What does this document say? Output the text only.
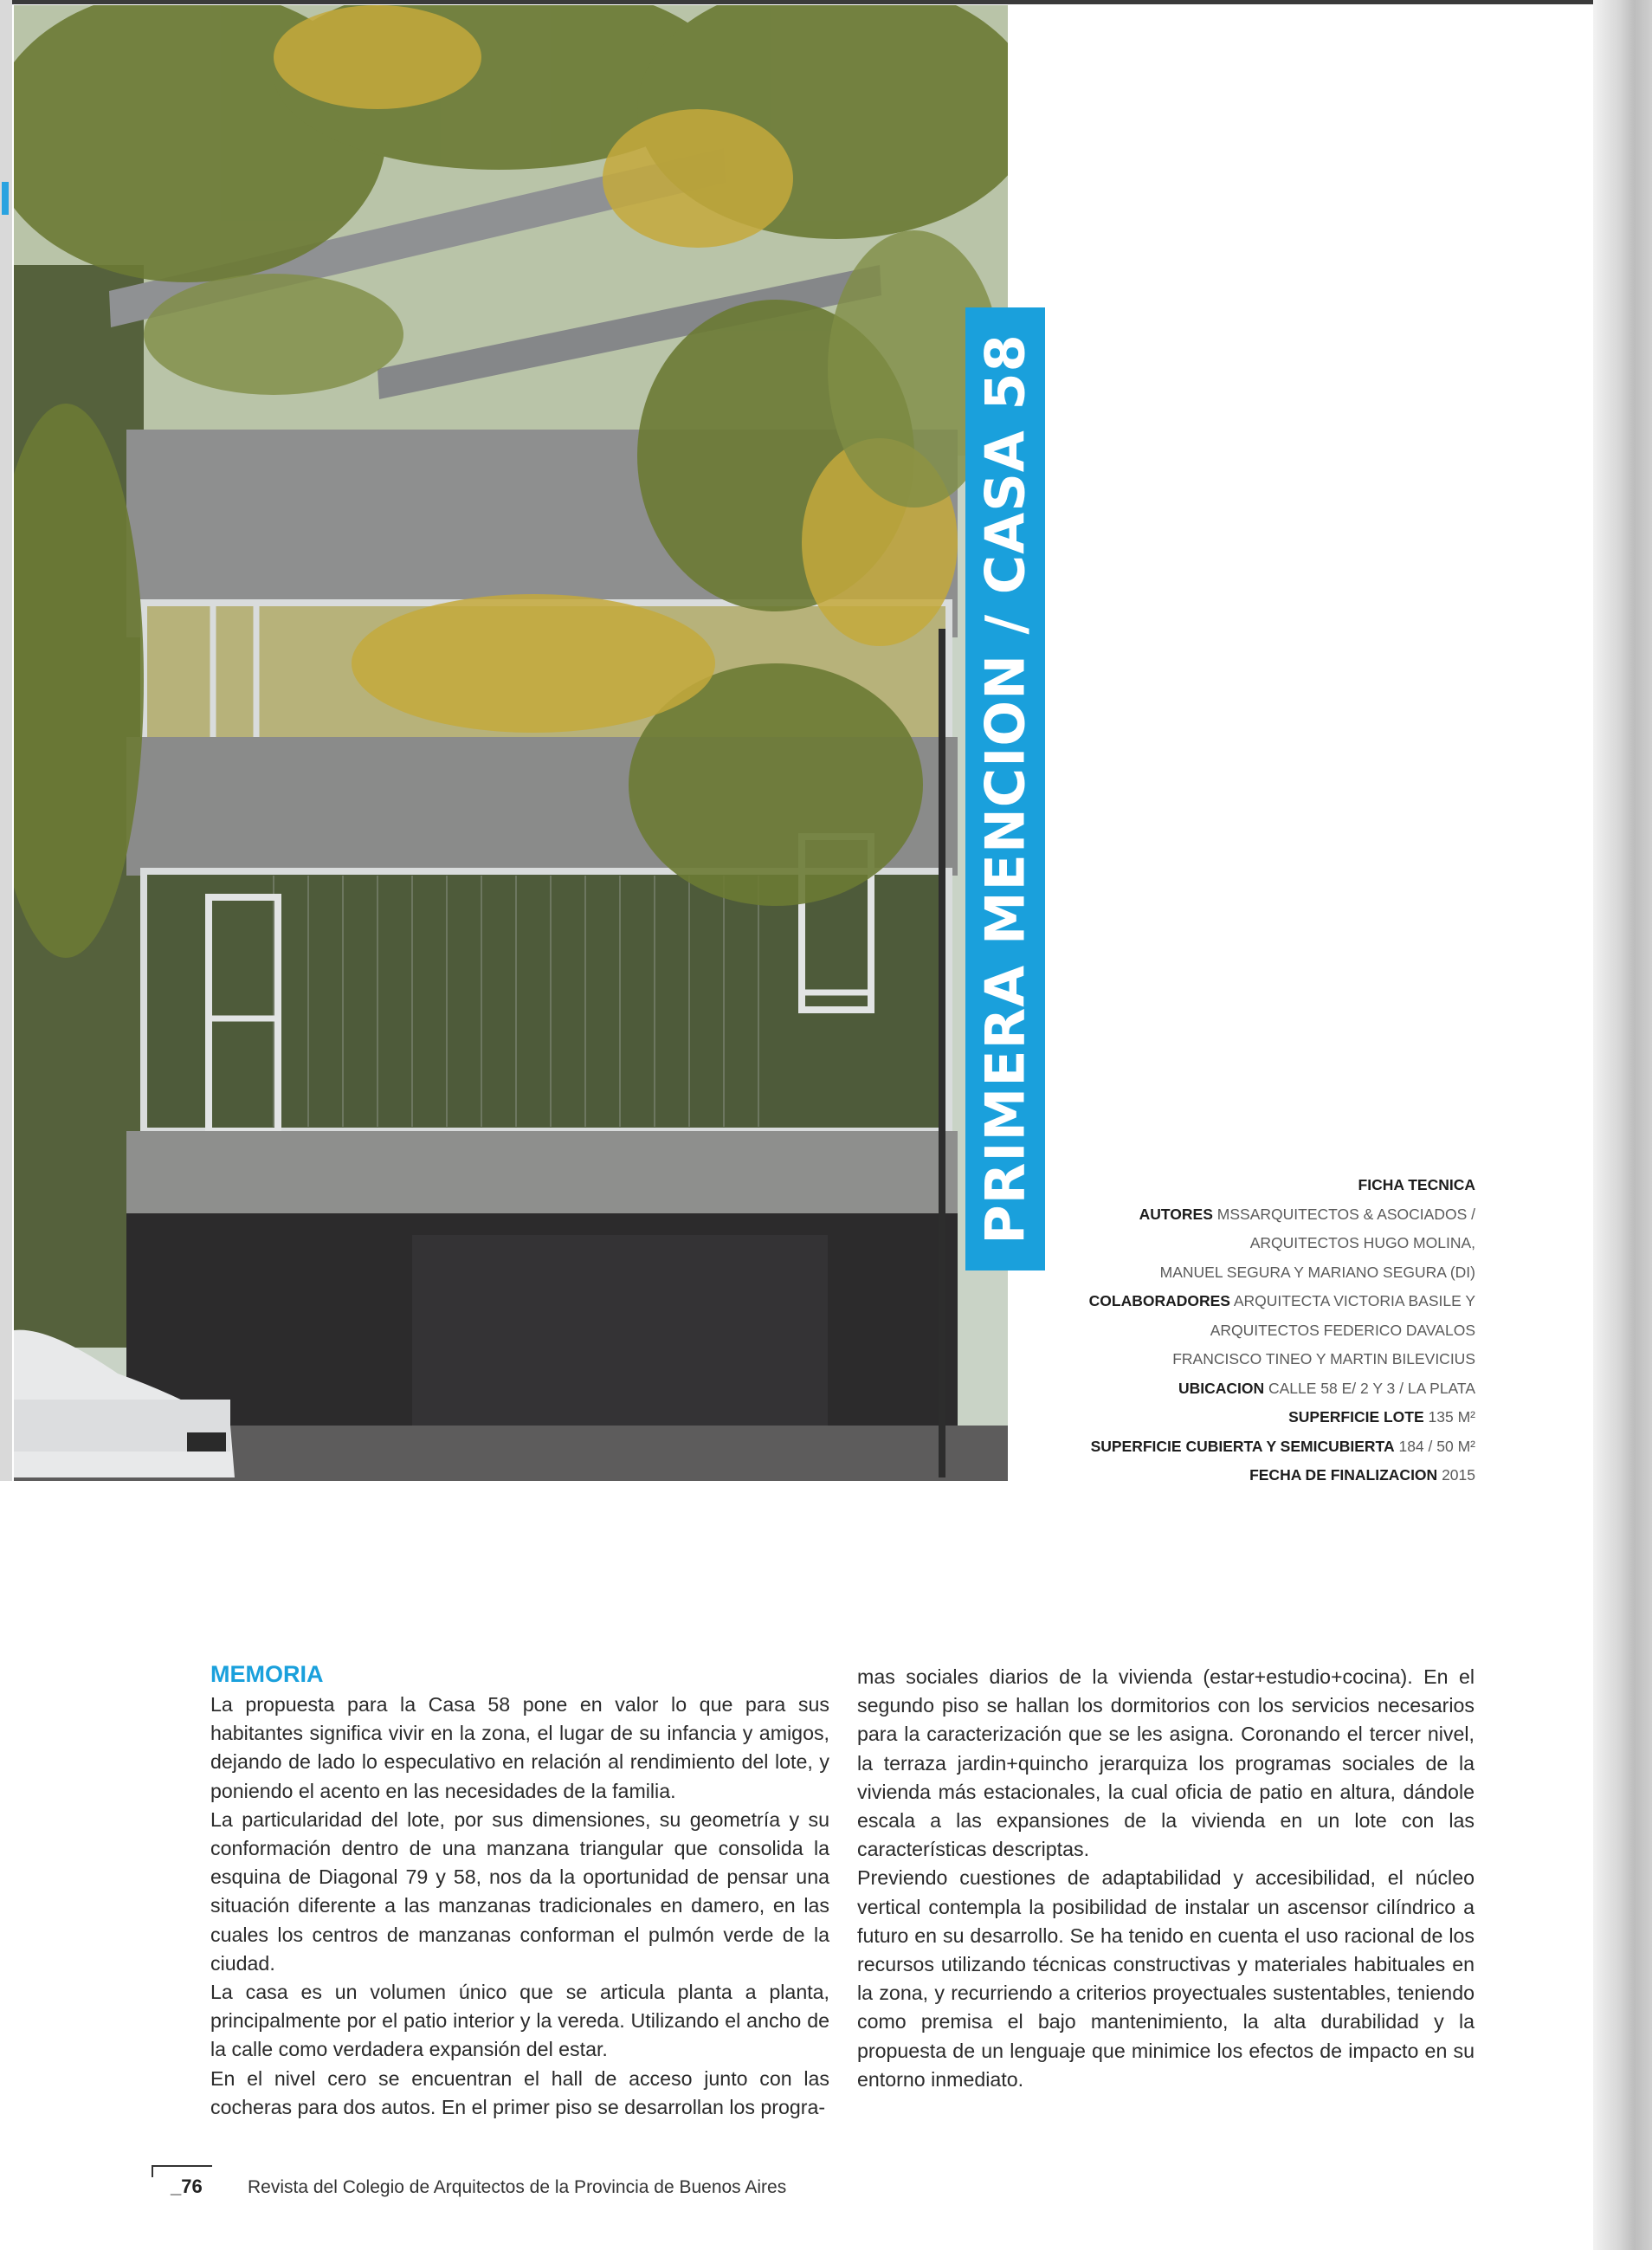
PRIMERA MENCION / CASA 58	FICHA TECNICA
AUTORES MSSARQUITECTOS & ASOCIADOS /
ARQUITECTOS HUGO MOLINA,
MANUEL SEGURA Y MARIANO SEGURA (DI)
COLABORADORES ARQUITECTA VICTORIA BASILE Y
ARQUITECTOS FEDERICO DAVALOS
FRANCISCO TINEO Y MARTIN BILEVICIUS
UBICACION CALLE 58 E/ 2 Y 3 / LA PLATA
SUPERFICIE LOTE 135 M²
SUPERFICIE CUBIERTA Y SEMICUBIERTA 184 / 50 M²
FECHA DE FINALIZACION 2015
MEMORIA

La propuesta para la Casa 58 pone en valor lo que para sus habitantes significa vivir en la zona, el lugar de su infancia y amigos, dejando de lado lo especulativo en relación al rendimiento del lote, y poniendo el acento en las necesidades de la familia.

La particularidad del lote, por sus dimensiones, su geometría y su conformación dentro de una manzana triangular que consolida la esquina de Diagonal 79 y 58, nos da la oportunidad de pensar una situación diferente a las manzanas tradicionales en damero, en las cuales los centros de manzanas conforman el pulmón verde de la ciudad.

La casa es un volumen único que se articula planta a planta, principalmente por el patio interior y la vereda. Utilizando el ancho de la calle como verdadera expansión del estar.

En el nivel cero se encuentran el hall de acceso junto con las cocheras para dos autos. En el primer piso se desarrollan los progra-

mas sociales diarios de la vivienda (estar+estudio+cocina). En el segundo piso se hallan los dormitorios con los servicios necesarios para la caracterización que se les asigna. Coronando el tercer nivel, la terraza jardin+quincho jerarquiza los programas sociales de la vivienda más estacionales, la cual oficia de patio en altura, dándole escala a las expansiones de la vivienda en un lote con las características descriptas.

Previendo cuestiones de adaptabilidad y accesibilidad, el núcleo vertical contempla la posibilidad de instalar un ascensor cilíndrico a futuro en su desarrollo. Se ha tenido en cuenta el uso racional de los recursos utilizando técnicas constructivas y materiales habituales en la zona, y recurriendo a criterios proyectuales sustentables, teniendo como premisa el bajo mantenimiento, la alta durabilidad y la propuesta de un lenguaje que minimice los efectos de impacto en su entorno inmediato.

_76 Revista del Colegio de Arquitectos de la Provincia de Buenos Aires
